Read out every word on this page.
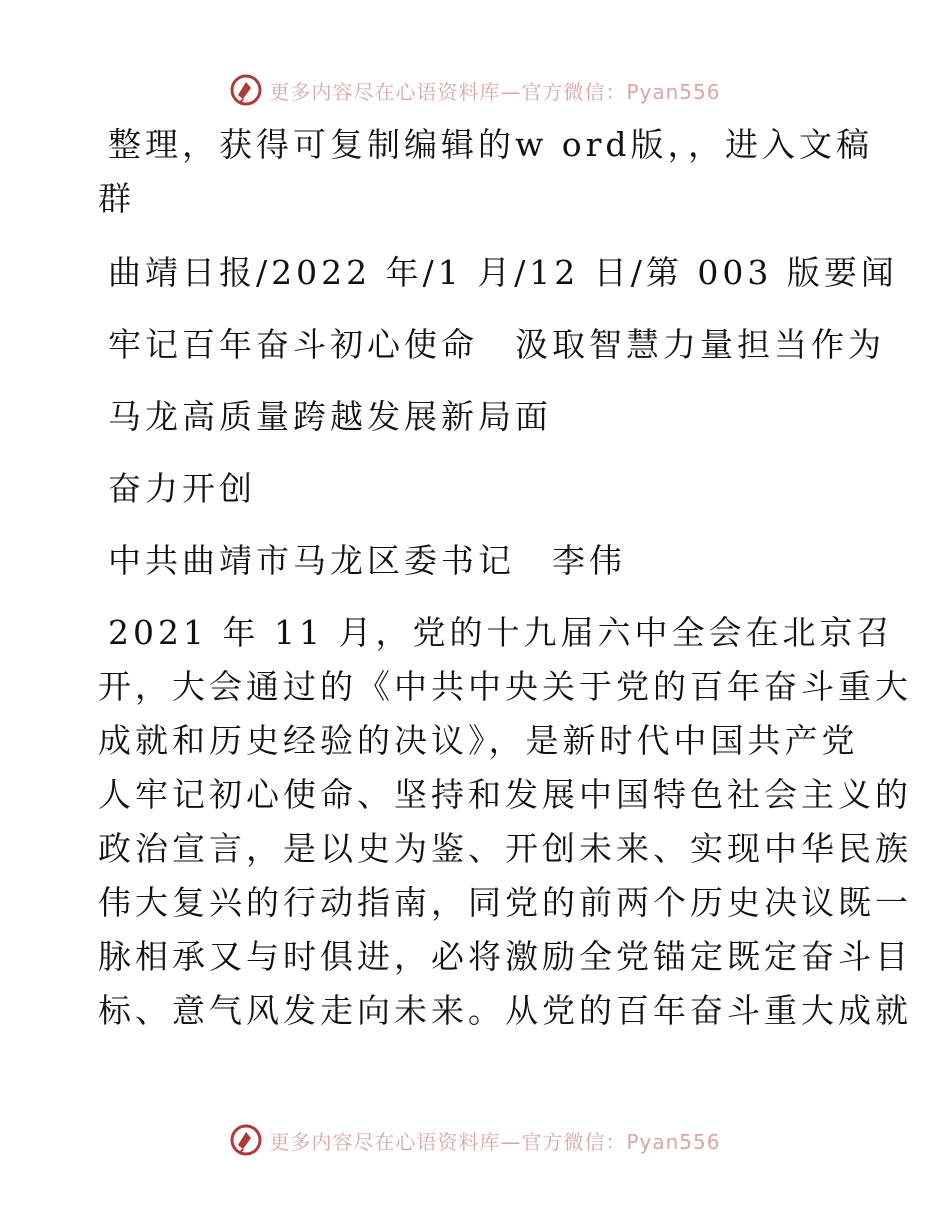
更多内容尽在心语资料库—官方微信：Pyan556

整理，获得可复制编辑的w ord版，，进入文稿

群

曲靖日报/2022 年/1 月/12 日/第 003 版要闻

牢记百年奋斗初心使命　汲取智慧力量担当作为

马龙高质量跨越发展新局面

奋力开创

中共曲靖市马龙区委书记　李伟

2021 年 11 月，党的十九届六中全会在北京召

开，大会通过的《中共中央关于党的百年奋斗重大

成就和历史经验的决议》，是新时代中国共产党

人牢记初心使命、坚持和发展中国特色社会主义的

政治宣言，是以史为鉴、开创未来、实现中华民族

伟大复兴的行动指南，同党的前两个历史决议既一

脉相承又与时俱进，必将激励全党锚定既定奋斗目

标、意气风发走向未来。从党的百年奋斗重大成就

更多内容尽在心语资料库—官方微信：Pyan556
